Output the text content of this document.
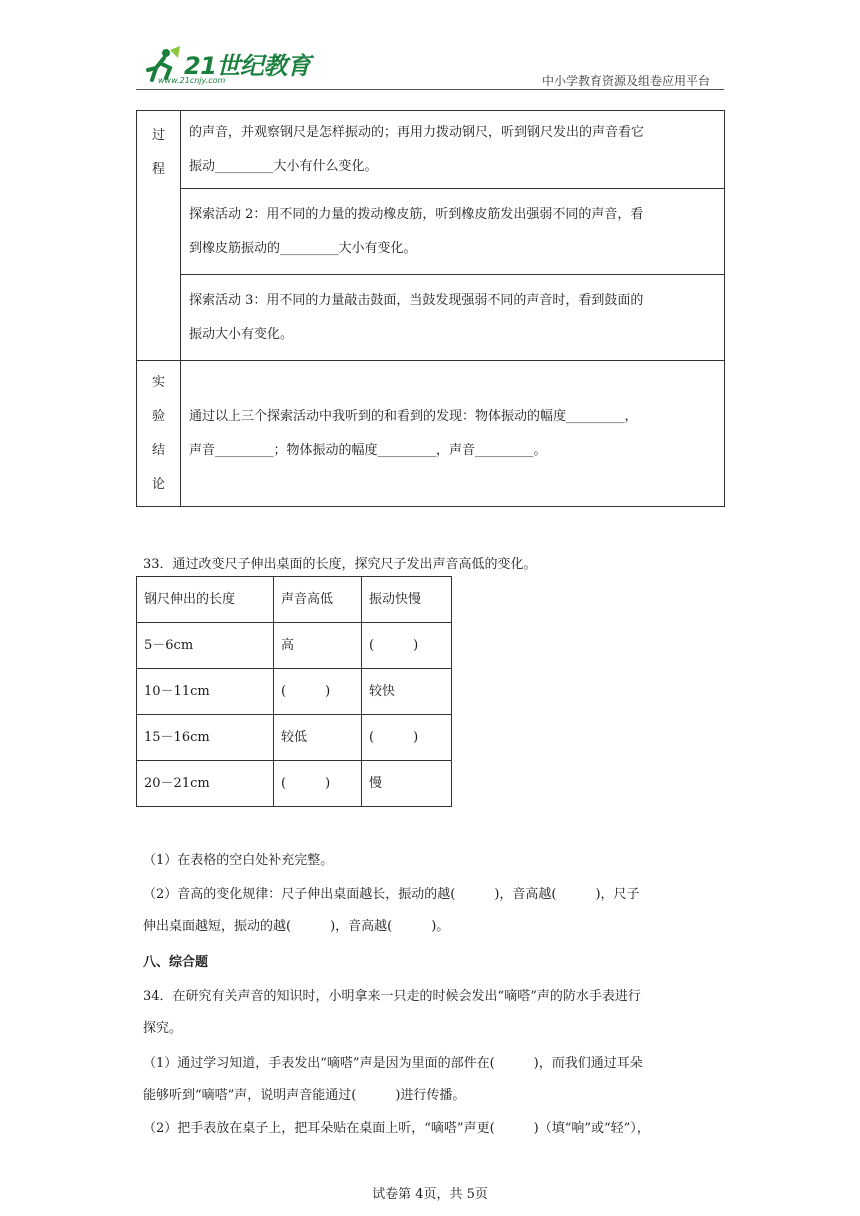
21世纪教育
www.21cnjy.com	中小学教育资源及组卷应用平台
过
程	的声音，并观察钢尺是怎样振动的；再用力拨动钢尺，听到钢尺发出的声音看它
振动_________大小有什么变化。

	探索活动 2：用不同的力量的拨动橡皮筋，听到橡皮筋发出强弱不同的声音，看
到橡皮筋振动的_________大小有变化。

	探索活动 3：用不同的力量敲击鼓面，当鼓发现强弱不同的声音时，看到鼓面的
振动大小有变化。

实
验
结
论	通过以上三个探索活动中我听到的和看到的发现：物体振动的幅度_________，
声音_________；物体振动的幅度_________，声音_________。
33．通过改变尺子伸出桌面的长度，探究尺子发出声音高低的变化。
钢尺伸出的长度	声音高低	振动快慢
5－6cm	高	(　　　)
10－11cm	(　　　)	较快
15－16cm	较低	(　　　)
20－21cm	(　　　)	慢
（1）在表格的空白处补充完整。
（2）音高的变化规律：尺子伸出桌面越长，振动的越(　　　)，音高越(　　　)，尺子
伸出桌面越短，振动的越(　　　)，音高越(　　　)。
八、综合题
34．在研究有关声音的知识时，小明拿来一只走的时候会发出“嘀嗒”声的防水手表进行
探究。
（1）通过学习知道，手表发出“嘀嗒”声是因为里面的部件在(　　　)，而我们通过耳朵
能够听到“嘀嗒”声，说明声音能通过(　　　)进行传播。
（2）把手表放在桌子上，把耳朵贴在桌面上听，“嘀嗒”声更(　　　)（填“响”或“轻”），
试卷第 4页，共 5页
